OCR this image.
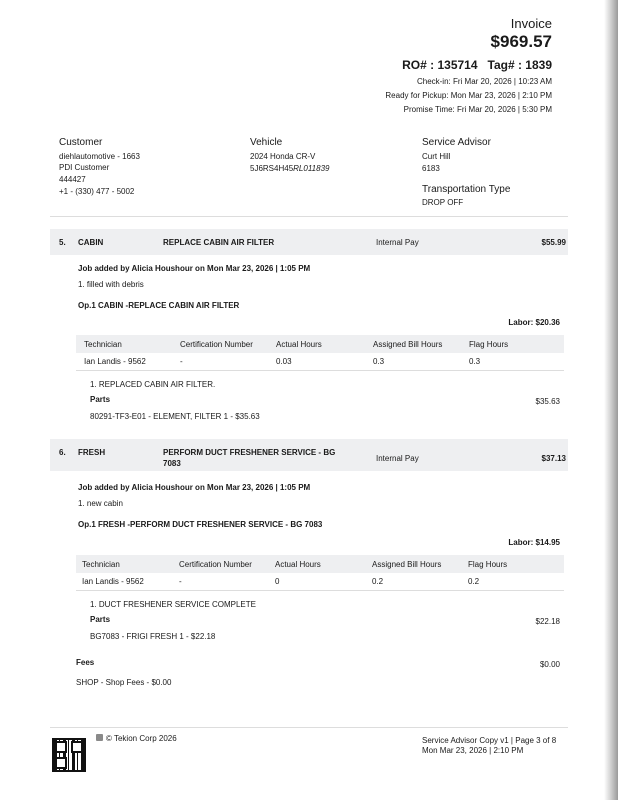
Invoice
$969.57
RO# : 135714   Tag# : 1839
Check-in: Fri Mar 20, 2026 | 10:23 AM
Ready for Pickup: Mon Mar 23, 2026 | 2:10 PM
Promise Time: Fri Mar 20, 2026 | 5:30 PM
Customer
diehlautomotive - 1663
PDI Customer
444427
+1 - (330) 477 - 5002
Vehicle
2024 Honda CR-V
5J6RS4H45RL011839
Service Advisor
Curt Hill
6183
Transportation Type
DROP OFF
5. CABIN	REPLACE CABIN AIR FILTER	Internal Pay	$55.99
Job added by Alicia Houshour on Mon Mar 23, 2026 | 1:05 PM
1. filled with debris
Op.1 CABIN -REPLACE CABIN AIR FILTER
Labor: $20.36
Technician	Certification Number	Actual Hours	Assigned Bill Hours	Flag Hours
Ian Landis - 9562	-	0.03	0.3	0.3
1. REPLACED CABIN AIR FILTER.
Parts	$35.63
80291-TF3-E01 - ELEMENT, FILTER 1 - $35.63
6. FRESH	PERFORM DUCT FRESHENER SERVICE - BG
7083
Internal Pay	$37.13
Job added by Alicia Houshour on Mon Mar 23, 2026 | 1:05 PM
1. new cabin
Op.1 FRESH -PERFORM DUCT FRESHENER SERVICE - BG 7083
Labor: $14.95
Technician	Certification Number	Actual Hours	Assigned Bill Hours	Flag Hours
Ian Landis - 9562	-	0	0.2	0.2
1. DUCT FRESHENER SERVICE COMPLETE
Parts	$22.18
BG7083 - FRIGI FRESH 1 - $22.18
Fees	$0.00
SHOP - Shop Fees - $0.00
© Tekion Corp 2026	Service Advisor Copy v1 | Page 3 of 8
Mon Mar 23, 2026 | 2:10 PM
